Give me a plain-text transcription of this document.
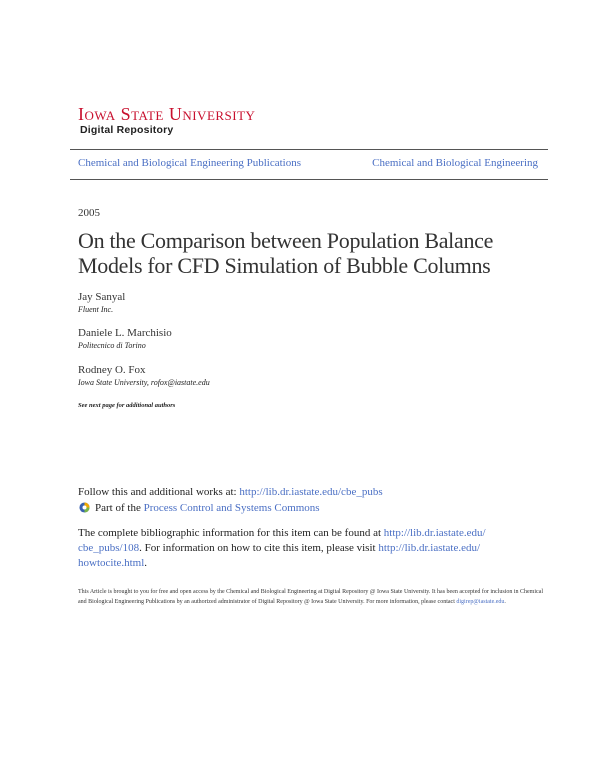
Iowa State University
Digital Repository
Chemical and Biological Engineering Publications	Chemical and Biological Engineering
2005
On the Comparison between Population Balance Models for CFD Simulation of Bubble Columns
Jay Sanyal
Fluent Inc.
Daniele L. Marchisio
Politecnico di Torino
Rodney O. Fox
Iowa State University, rofox@iastate.edu
See next page for additional authors
Follow this and additional works at: http://lib.dr.iastate.edu/cbe_pubs
Part of the Process Control and Systems Commons
The complete bibliographic information for this item can be found at http://lib.dr.iastate.edu/
cbe_pubs/108. For information on how to cite this item, please visit http://lib.dr.iastate.edu/
howtocite.html.
This Article is brought to you for free and open access by the Chemical and Biological Engineering at Digital Repository @ Iowa State University. It has been accepted for inclusion in Chemical and Biological Engineering Publications by an authorized administrator of Digital Repository @ Iowa State University. For more information, please contact digirep@iastate.edu.
